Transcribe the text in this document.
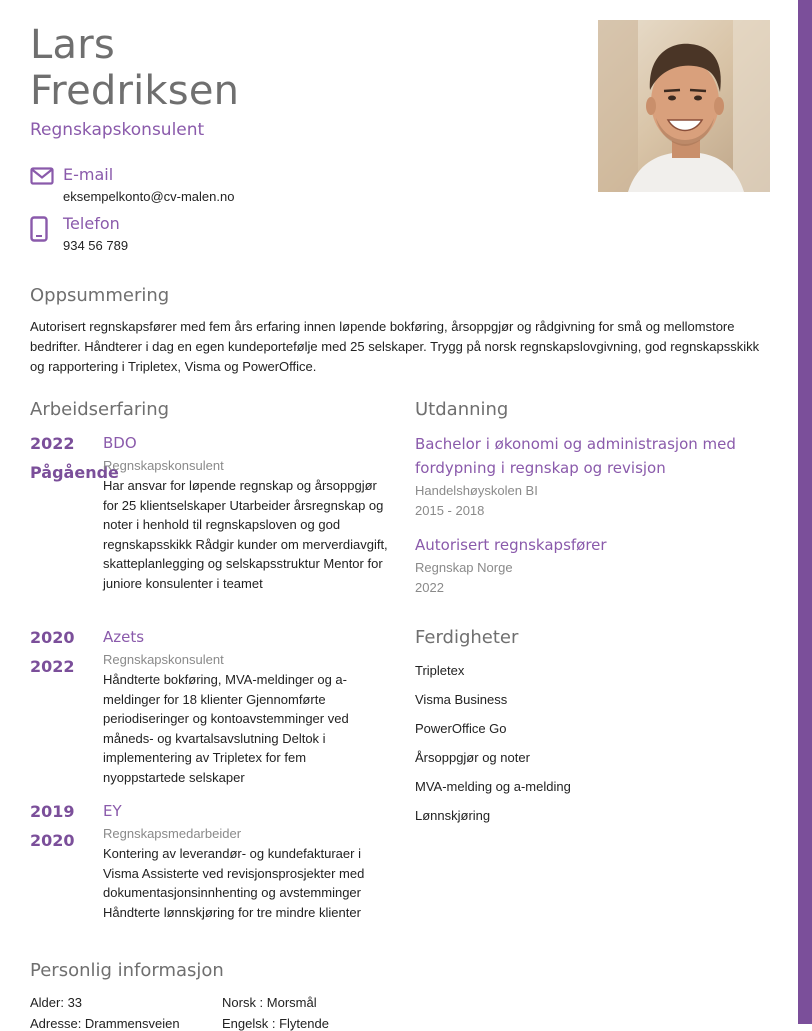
Lars
Fredriksen
Regnskapskonsulent
E-mail
eksempelkonto@cv-malen.no
Telefon
934 56 789
Oppsummering
Autorisert regnskapsfører med fem års erfaring innen løpende bokføring, årsoppgjør og rådgivning for små og mellomstore bedrifter. Håndterer i dag en egen kundeportefølje med 25 selskaper. Trygg på norsk regnskapslovgivning, god regnskapsskikk og rapportering i Tripletex, Visma og PowerOffice.
Arbeidserfaring
2022
Pågående
BDO
Regnskapskonsulent
Har ansvar for løpende regnskap og årsoppgjør for 25 klientselskaper Utarbeider årsregnskap og noter i henhold til regnskapsloven og god regnskapsskikk Rådgir kunder om merverdiavgift, skatteplanlegging og selskapsstruktur Mentor for juniore konsulenter i teamet
2020
2022
Azets
Regnskapskonsulent
Håndterte bokføring, MVA-meldinger og a-meldinger for 18 klienter Gjennomførte periodiseringer og kontoavstemminger ved måneds- og kvartalsavslutning Deltok i implementering av Tripletex for fem nyoppstartede selskaper
2019
2020
EY
Regnskapsmedarbeider
Kontering av leverandør- og kundefakturaer i Visma Assisterte ved revisjonsprosjekter med dokumentasjonsinnhenting og avstemminger Håndterte lønnskjøring for tre mindre klienter
Utdanning
Bachelor i økonomi og administrasjon med fordypning i regnskap og revisjon
Handelshøyskolen BI
2015 - 2018
Autorisert regnskapsfører
Regnskap Norge
2022
Ferdigheter
Tripletex
Visma Business
PowerOffice Go
Årsoppgjør og noter
MVA-melding og a-melding
Lønnskjøring
Personlig informasjon
Alder: 33
Adresse: Drammensveien
Norsk : Morsmål
Engelsk : Flytende
